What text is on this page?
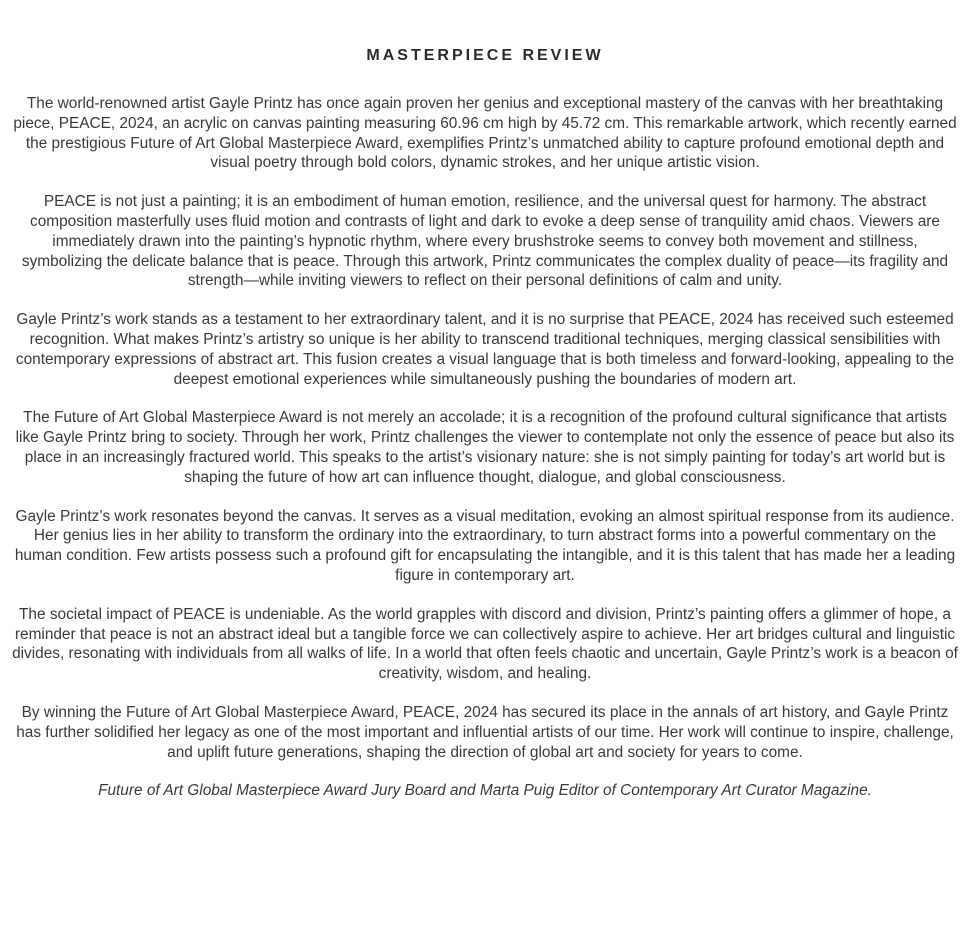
MASTERPIECE REVIEW

The world-renowned artist Gayle Printz has once again proven her genius and exceptional mastery of the canvas with her breathtaking piece, PEACE, 2024, an acrylic on canvas painting measuring 60.96 cm high by 45.72 cm. This remarkable artwork, which recently earned the prestigious Future of Art Global Masterpiece Award, exemplifies Printz’s unmatched ability to capture profound emotional depth and visual poetry through bold colors, dynamic strokes, and her unique artistic vision.

PEACE is not just a painting; it is an embodiment of human emotion, resilience, and the universal quest for harmony. The abstract composition masterfully uses fluid motion and contrasts of light and dark to evoke a deep sense of tranquility amid chaos. Viewers are immediately drawn into the painting’s hypnotic rhythm, where every brushstroke seems to convey both movement and stillness, symbolizing the delicate balance that is peace. Through this artwork, Printz communicates the complex duality of peace—its fragility and strength—while inviting viewers to reflect on their personal definitions of calm and unity.

Gayle Printz’s work stands as a testament to her extraordinary talent, and it is no surprise that PEACE, 2024 has received such esteemed recognition. What makes Printz’s artistry so unique is her ability to transcend traditional techniques, merging classical sensibilities with contemporary expressions of abstract art. This fusion creates a visual language that is both timeless and forward-looking, appealing to the deepest emotional experiences while simultaneously pushing the boundaries of modern art.

The Future of Art Global Masterpiece Award is not merely an accolade; it is a recognition of the profound cultural significance that artists like Gayle Printz bring to society. Through her work, Printz challenges the viewer to contemplate not only the essence of peace but also its place in an increasingly fractured world. This speaks to the artist’s visionary nature: she is not simply painting for today’s art world but is shaping the future of how art can influence thought, dialogue, and global consciousness.

Gayle Printz’s work resonates beyond the canvas. It serves as a visual meditation, evoking an almost spiritual response from its audience. Her genius lies in her ability to transform the ordinary into the extraordinary, to turn abstract forms into a powerful commentary on the human condition. Few artists possess such a profound gift for encapsulating the intangible, and it is this talent that has made her a leading figure in contemporary art.

The societal impact of PEACE is undeniable. As the world grapples with discord and division, Printz’s painting offers a glimmer of hope, a reminder that peace is not an abstract ideal but a tangible force we can collectively aspire to achieve. Her art bridges cultural and linguistic divides, resonating with individuals from all walks of life. In a world that often feels chaotic and uncertain, Gayle Printz’s work is a beacon of creativity, wisdom, and healing.

By winning the Future of Art Global Masterpiece Award, PEACE, 2024 has secured its place in the annals of art history, and Gayle Printz has further solidified her legacy as one of the most important and influential artists of our time. Her work will continue to inspire, challenge, and uplift future generations, shaping the direction of global art and society for years to come.

Future of Art Global Masterpiece Award Jury Board and Marta Puig Editor of Contemporary Art Curator Magazine.
